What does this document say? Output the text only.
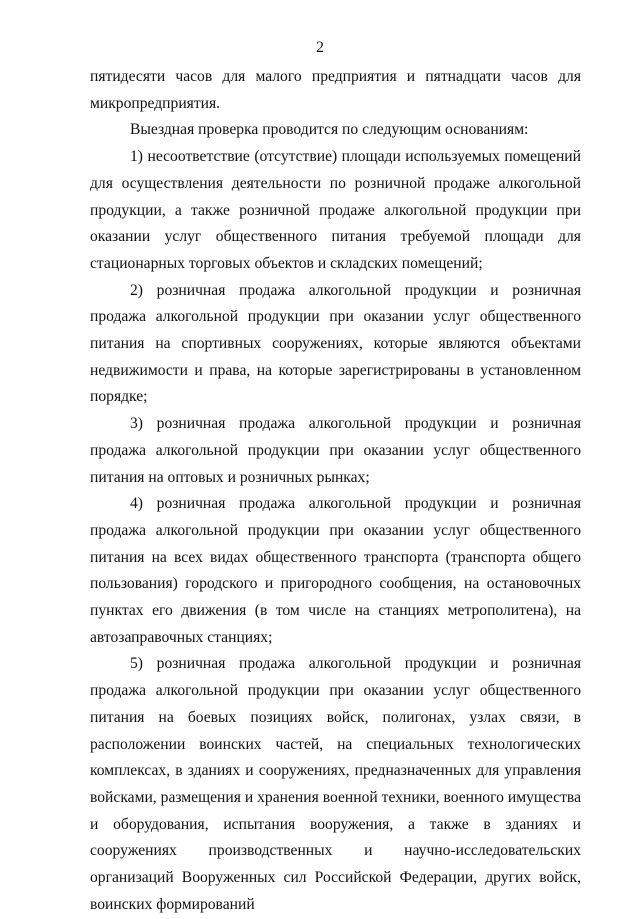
2

пятидесяти часов для малого предприятия и пятнадцати часов для микропредприятия.

Выездная проверка проводится по следующим основаниям:

1) несоответствие (отсутствие) площади используемых помещений для осуществления деятельности по розничной продаже алкогольной продукции, а также розничной продаже алкогольной продукции при оказании услуг общественного питания требуемой площади для стационарных торговых объектов и складских помещений;

2) розничная продажа алкогольной продукции и розничная продажа алкогольной продукции при оказании услуг общественного питания на спортивных сооружениях, которые являются объектами недвижимости и права, на которые зарегистрированы в установленном порядке;

3) розничная продажа алкогольной продукции и розничная продажа алкогольной продукции при оказании услуг общественного питания на оптовых и розничных рынках;

4) розничная продажа алкогольной продукции и розничная продажа алкогольной продукции при оказании услуг общественного питания на всех видах общественного транспорта (транспорта общего пользования) городского и пригородного сообщения, на остановочных пунктах его движения (в том числе на станциях метрополитена), на автозаправочных станциях;

5) розничная продажа алкогольной продукции и розничная продажа алкогольной продукции при оказании услуг общественного питания на боевых позициях войск, полигонах, узлах связи, в расположении воинских частей, на специальных технологических комплексах, в зданиях и сооружениях, предназначенных для управления войсками, размещения и хранения военной техники, военного имущества и оборудования, испытания вооружения, а также в зданиях и сооружениях производственных и научно-исследовательских организаций Вооруженных сил Российской Федерации, других войск, воинских формирований
